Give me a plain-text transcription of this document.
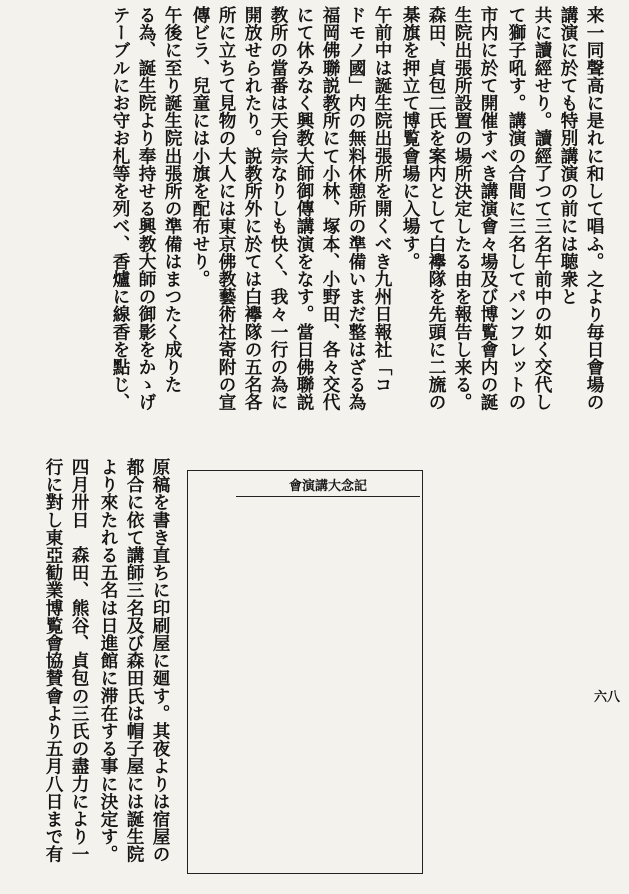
六八
来一同聲高に是れに和して唱ふ。之より毎日會場の
講演に於ても特別講演の前には聴衆と
共に讀經せり。讀經了つて三名午前中の如く交代し
て獅子吼す。講演の合間に三名してパンフレットの
市内に於て開催すべき講演會々場及び博覧會内の誕
生院出張所設置の場所決定したる由を報告し来る。
森田、貞包二氏を案内として白襷隊を先頭に二旒の
棊旗を押立て博覧會場に入場す。
午前中は誕生院出張所を開くべき九州日報社「コ
ドモノ國」内の無料休憩所の準備いまだ整はざる為
福岡佛聯説教所にて小林、塚本、小野田、各々交代
にて休みなく興教大師御傳講演をなす。當日佛聯説
教所の當番は天台宗なりしも快く、我々一行の為に
開放せられたり。說教所外に於ては白襷隊の五名各
所に立ちて見物の大人には東京佛教藝術社寄附の宣
傳ビラ、兒童には小旗を配布せり。
午後に至り誕生院出張所の準備はまつたく成りた
る為、誕生院より奉持せる興教大師の御影をかゝげ
テーブルにお守お札等を列べ、香爐に線香を點じ、
會演講大念記
原稿を書き直ちに印刷屋に廻す。其夜よりは宿屋の
都合に依て講師三名及び森田氏は帽子屋には誕生院
より來たれる五名は日進館に滞在する事に決定す。
四月卅日　森田、熊谷、貞包の三氏の盡力により一
行に對し東亞勧業博覧會協賛會より五月八日まで有
